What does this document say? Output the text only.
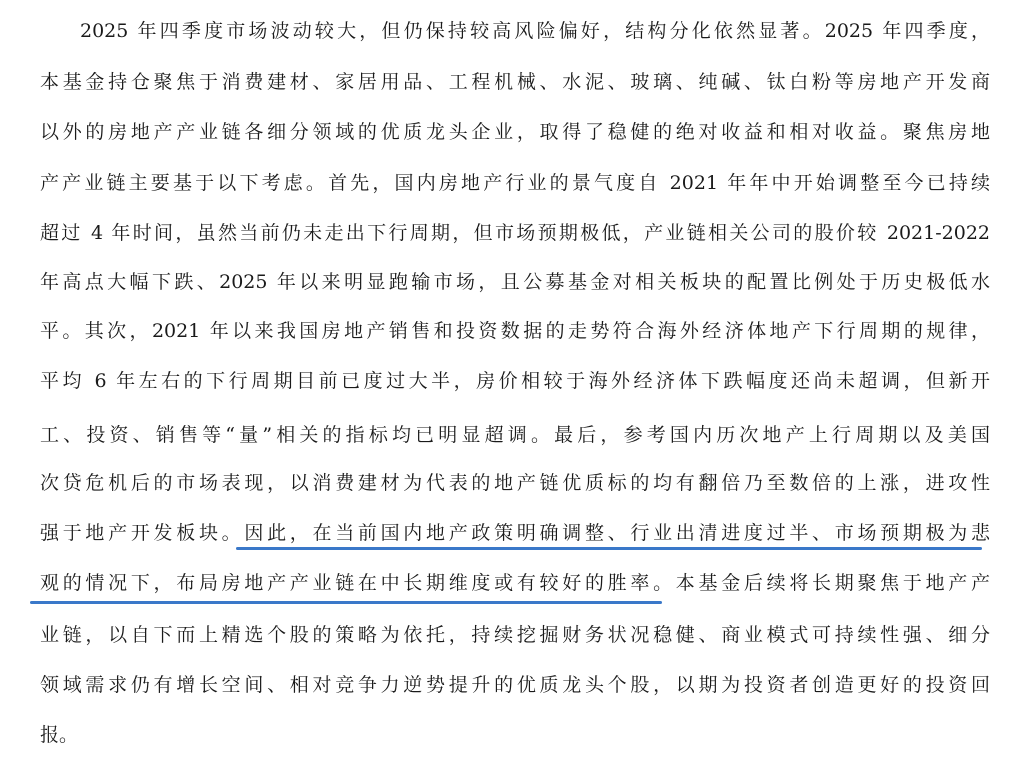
2025 年四季度市场波动较大，但仍保持较高风险偏好，结构分化依然显著。2025 年四季度，
本基金持仓聚焦于消费建材、家居用品、工程机械、水泥、玻璃、纯碱、钛白粉等房地产开发商
以外的房地产产业链各细分领域的优质龙头企业，取得了稳健的绝对收益和相对收益。聚焦房地
产产业链主要基于以下考虑。首先，国内房地产行业的景气度自 2021 年年中开始调整至今已持续
超过 4 年时间，虽然当前仍未走出下行周期，但市场预期极低，产业链相关公司的股价较 2021-2022
年高点大幅下跌、2025 年以来明显跑输市场，且公募基金对相关板块的配置比例处于历史极低水
平。其次，2021 年以来我国房地产销售和投资数据的走势符合海外经济体地产下行周期的规律，
平均 6 年左右的下行周期目前已度过大半，房价相较于海外经济体下跌幅度还尚未超调，但新开
工、投资、销售等“量”相关的指标均已明显超调。最后，参考国内历次地产上行周期以及美国
次贷危机后的市场表现，以消费建材为代表的地产链优质标的均有翻倍乃至数倍的上涨，进攻性
强于地产开发板块。因此，在当前国内地产政策明确调整、行业出清进度过半、市场预期极为悲
观的情况下，布局房地产产业链在中长期维度或有较好的胜率。本基金后续将长期聚焦于地产产
业链，以自下而上精选个股的策略为依托，持续挖掘财务状况稳健、商业模式可持续性强、细分
领域需求仍有增长空间、相对竞争力逆势提升的优质龙头个股，以期为投资者创造更好的投资回
报。
